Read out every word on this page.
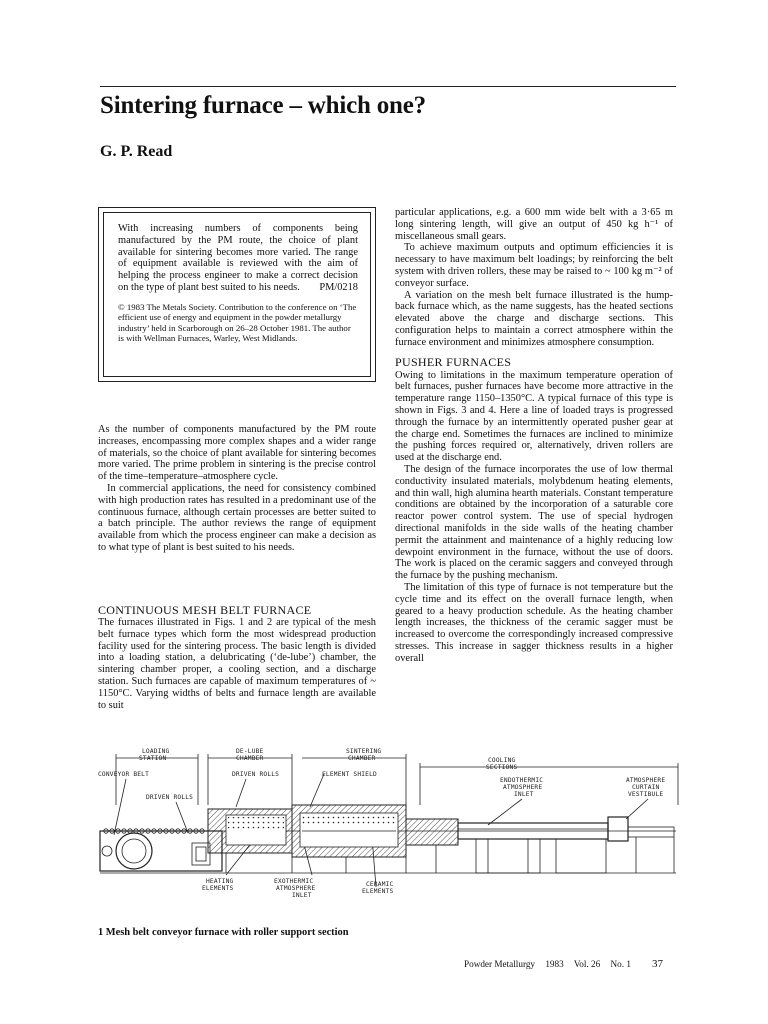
Sintering furnace – which one?

G. P. Read

With increasing numbers of components being manufactured by the PM route, the choice of plant available for sintering becomes more varied. The range of equipment available is reviewed with the aim of helping the process engineer to make a correct decision on the type of plant best suited to his needs. PM/0218

© 1983 The Metals Society. Contribution to the conference on ‘The efficient use of energy and equipment in the powder metallurgy industry’ held in Scarborough on 26–28 October 1981. The author is with Wellman Furnaces, Warley, West Midlands.

As the number of components manufactured by the PM route increases, encompassing more complex shapes and a wider range of materials, so the choice of plant available for sintering becomes more varied. The prime problem in sintering is the precise control of the time–temperature–atmosphere cycle.

In commercial applications, the need for consistency combined with high production rates has resulted in a predominant use of the continuous furnace, although certain processes are better suited to a batch principle. The author reviews the range of equipment available from which the process engineer can make a decision as to what type of plant is best suited to his needs.

CONTINUOUS MESH BELT FURNACE

The furnaces illustrated in Figs. 1 and 2 are typical of the mesh belt furnace types which form the most widespread production facility used for the sintering process. The basic length is divided into a loading station, a delubricating (‘de-lube’) chamber, the sintering chamber proper, a cooling section, and a discharge station. Such furnaces are capable of maximum temperatures of ~ 1150°C. Varying widths of belts and furnace length are available to suit

particular applications, e.g. a 600 mm wide belt with a 3·65 m long sintering length, will give an output of 450 kg h⁻¹ of miscellaneous small gears.

To achieve maximum outputs and optimum efficiencies it is necessary to have maximum belt loadings; by reinforcing the belt system with driven rollers, these may be raised to ~ 100 kg m⁻² of conveyor surface.

A variation on the mesh belt furnace illustrated is the hump-back furnace which, as the name suggests, has the heated sections elevated above the charge and discharge sections. This configuration helps to maintain a correct atmosphere within the furnace environment and minimizes atmosphere consumption.

PUSHER FURNACES

Owing to limitations in the maximum temperature operation of belt furnaces, pusher furnaces have become more attractive in the temperature range 1150–1350°C. A typical furnace of this type is shown in Figs. 3 and 4. Here a line of loaded trays is progressed through the furnace by an intermittently operated pusher gear at the charge end. Sometimes the furnaces are inclined to minimize the pushing forces required or, alternatively, driven rollers are used at the discharge end.

The design of the furnace incorporates the use of low thermal conductivity insulated materials, molybdenum heating elements, and thin wall, high alumina hearth materials. Constant temperature conditions are obtained by the incorporation of a saturable core reactor power control system. The use of special hydrogen directional manifolds in the side walls of the heating chamber permit the attainment and maintenance of a highly reducing low dewpoint environment in the furnace, without the use of doors. The work is placed on the ceramic saggers and conveyed through the furnace by the pushing mechanism.

The limitation of this type of furnace is not temperature but the cycle time and its effect on the overall furnace length, when geared to a heavy production schedule. As the heating chamber length increases, the thickness of the ceramic sagger must be increased to overcome the correspondingly increased compressive stresses. This increase in sagger thickness results in a higher overall

LOADING
STATION
DE-LUBE
CHAMBER
SINTERING
CHAMBER	COOLING
SECTIONS
CONVEYOR BELT	DRIVEN ROLLS	ELEMENT SHIELD
DRIVEN ROLLS
ENDOTHERMIC
ATMOSPHERE
INLET
ATMOSPHERE
CURTAIN
VESTIBULE
HEATING
ELEMENTS
EXOTHERMIC
ATMOSPHERE
INLET
CERAMIC
ELEMENTS

1 Mesh belt conveyor furnace with roller support section

Powder Metallurgy 1983 Vol. 26 No. 1	37
